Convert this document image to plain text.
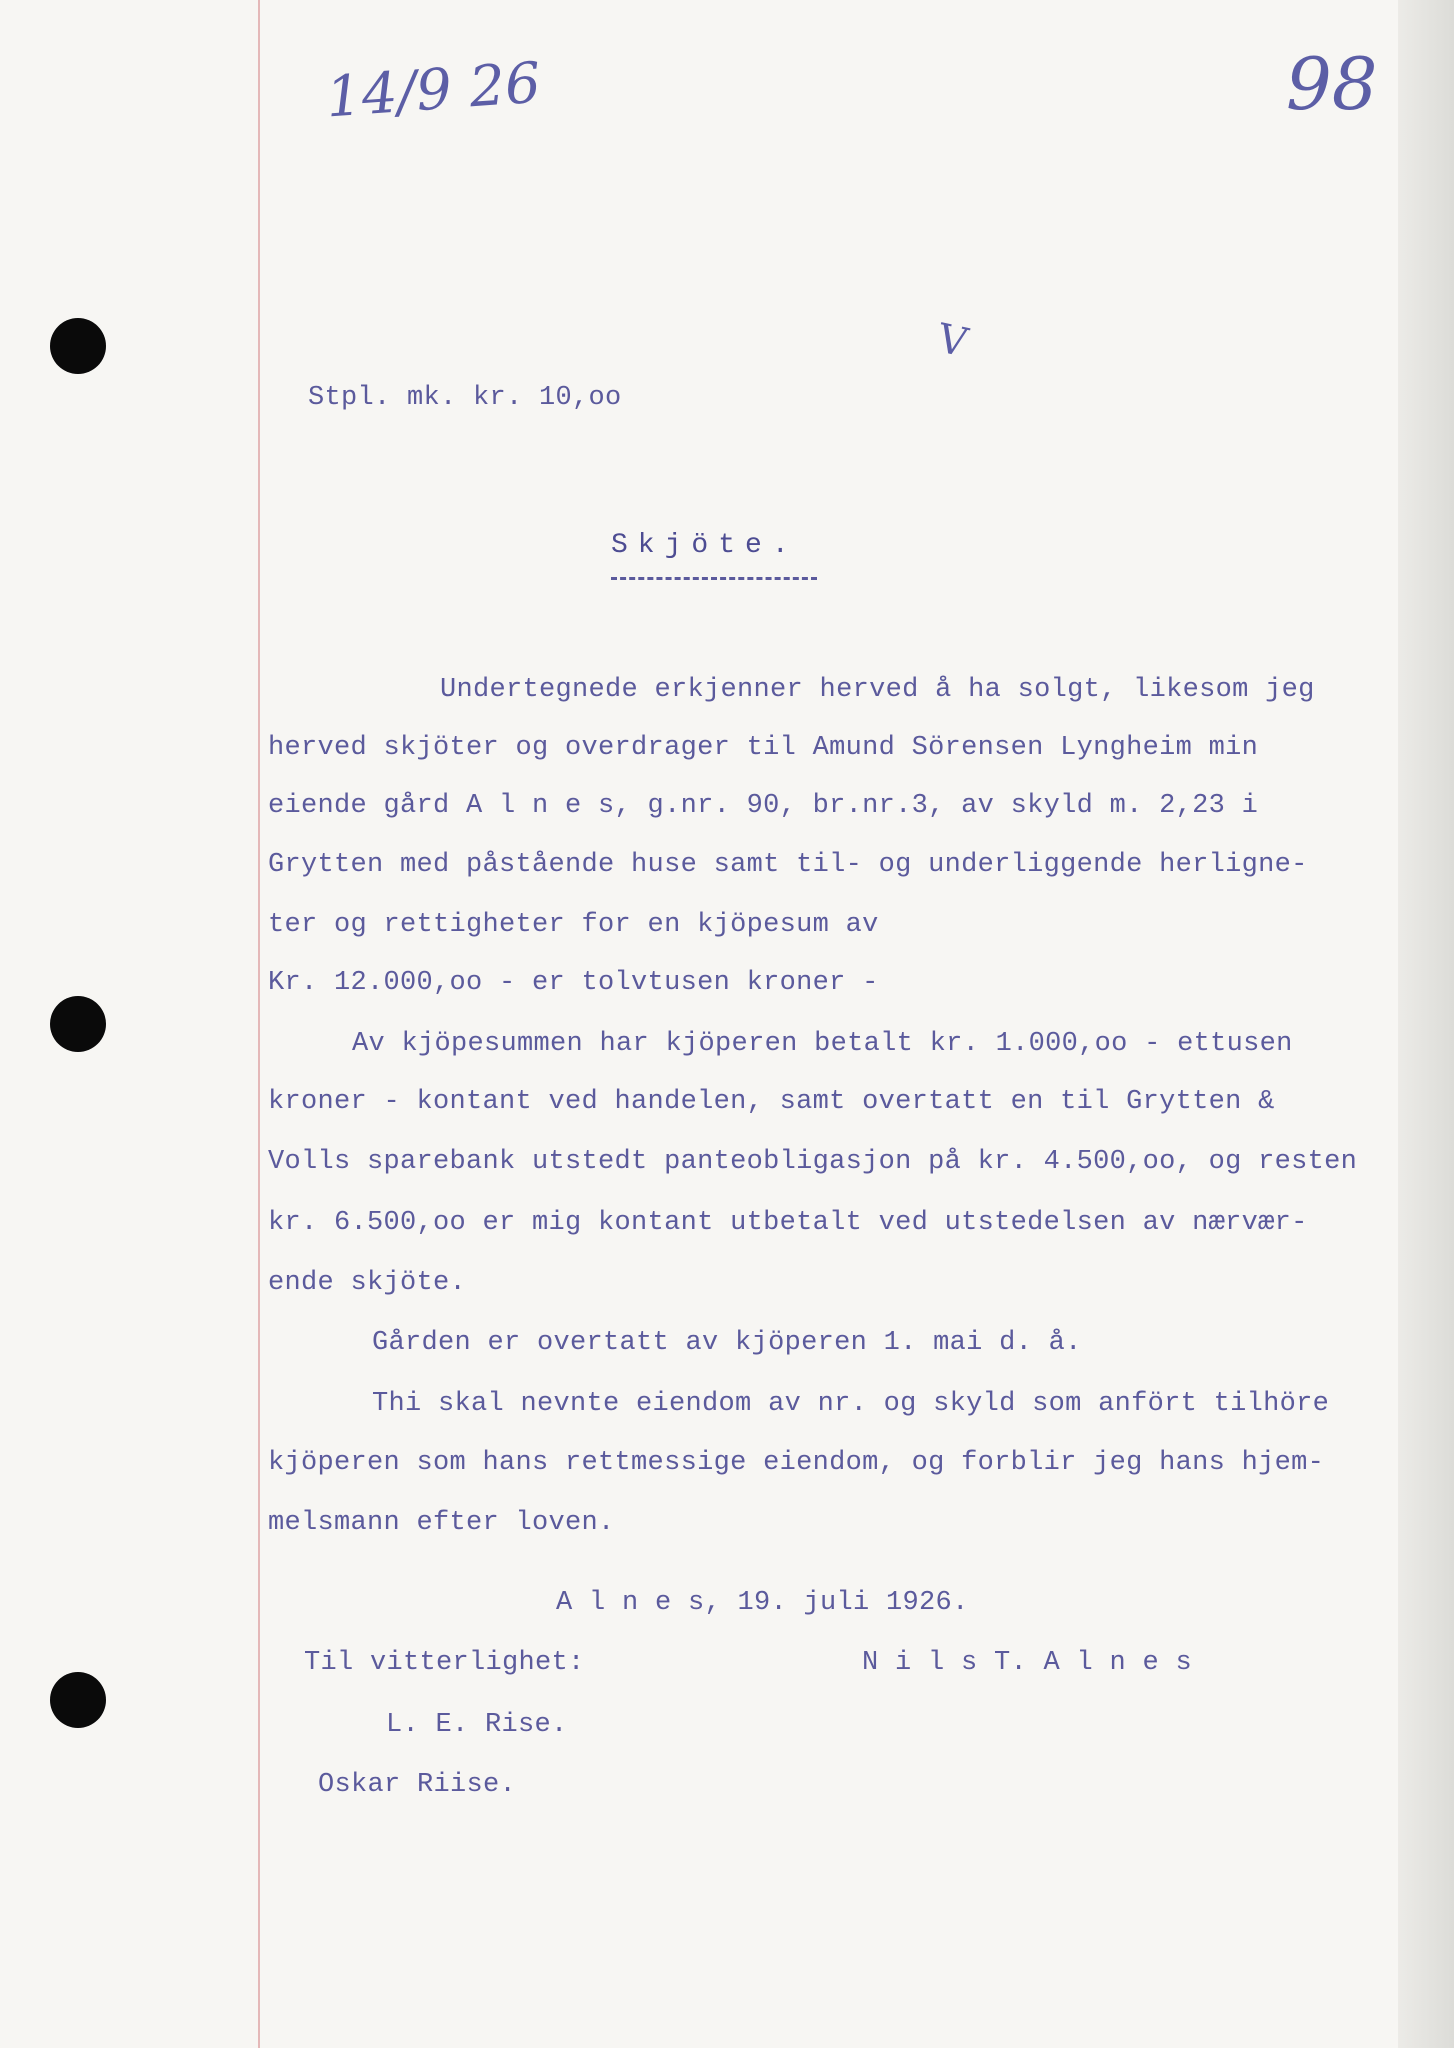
14/9 26	98
V
Stpl. mk. kr. 10,oo
Skjöte.
Undertegnede erkjenner herved å ha solgt, likesom jeg
herved skjöter og overdrager til Amund Sörensen Lyngheim min
eiende gård A l n e s, g.nr. 90, br.nr.3, av skyld m. 2,23 i
Grytten med påstående huse samt til- og underliggende herligne-
ter og rettigheter for en kjöpesum av
Kr. 12.000,oo - er tolvtusen kroner -
Av kjöpesummen har kjöperen betalt kr. 1.000,oo - ettusen
kroner - kontant ved handelen, samt overtatt en til Grytten &
Volls sparebank utstedt panteobligasjon på kr. 4.500,oo, og resten
kr. 6.500,oo er mig kontant utbetalt ved utstedelsen av nærvær-
ende skjöte.
Gården er overtatt av kjöperen 1. mai d. å.
Thi skal nevnte eiendom av nr. og skyld som anfört tilhöre
kjöperen som hans rettmessige eiendom, og forblir jeg hans hjem-
melsmann efter loven.
A l n e s, 19. juli 1926.
Til vitterlighet:	N i l s T. A l n e s
L. E. Rise.
Oskar Riise.
